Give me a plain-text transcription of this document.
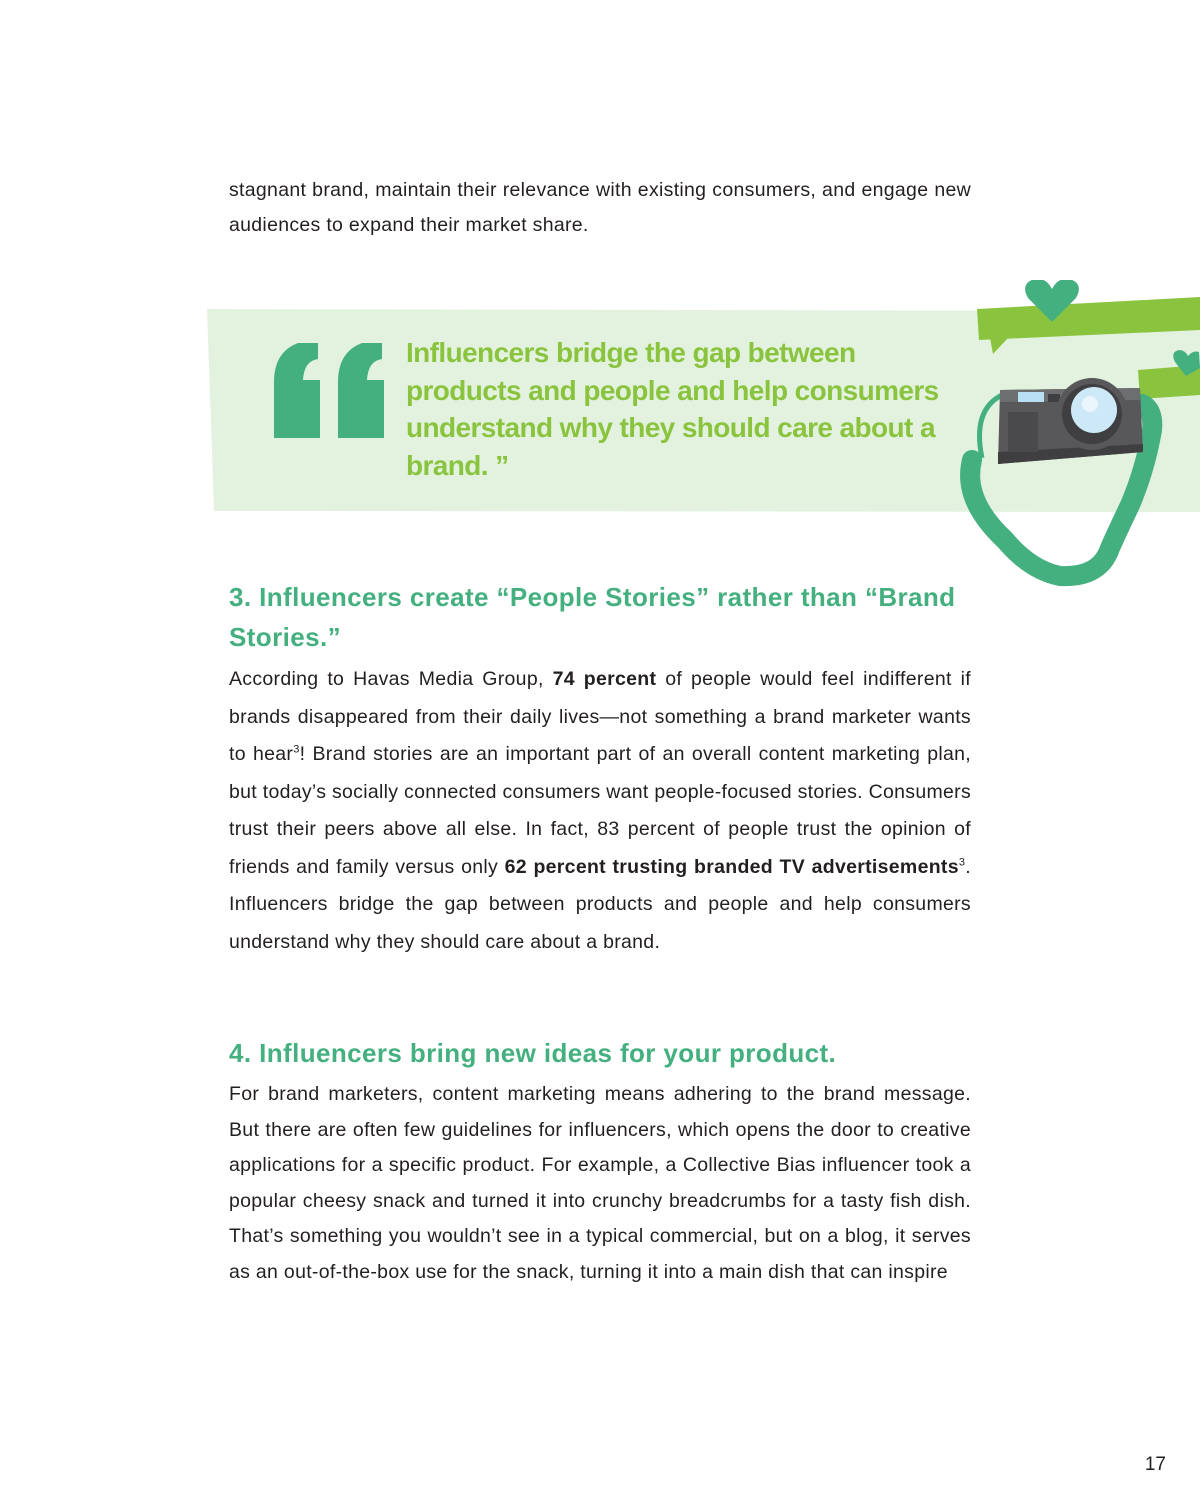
stagnant brand, maintain their relevance with existing consumers, and engage new audiences to expand their market share.

Influencers bridge the gap between products and people and help consumers understand why they should care about a brand. ”

3. Influencers create “People Stories” rather than “Brand Stories.”

According to Havas Media Group, 74 percent of people would feel indifferent if brands disappeared from their daily lives—not something a brand marketer wants to hear$^3$! Brand stories are an important part of an overall content marketing plan, but today’s socially connected consumers want people-focused stories. Consumers trust their peers above all else. In fact, 83 percent of people trust the opinion of friends and family versus only 62 percent trusting branded TV advertisements$^3$. Influencers bridge the gap between products and people and help consumers understand why they should care about a brand.

4. Influencers bring new ideas for your product.

For brand marketers, content marketing means adhering to the brand message. But there are often few guidelines for influencers, which opens the door to creative applications for a specific product. For example, a Collective Bias influencer took a popular cheesy snack and turned it into crunchy breadcrumbs for a tasty fish dish. That’s something you wouldn’t see in a typical commercial, but on a blog, it serves as an out-of-the-box use for the snack, turning it into a main dish that can inspire

17
